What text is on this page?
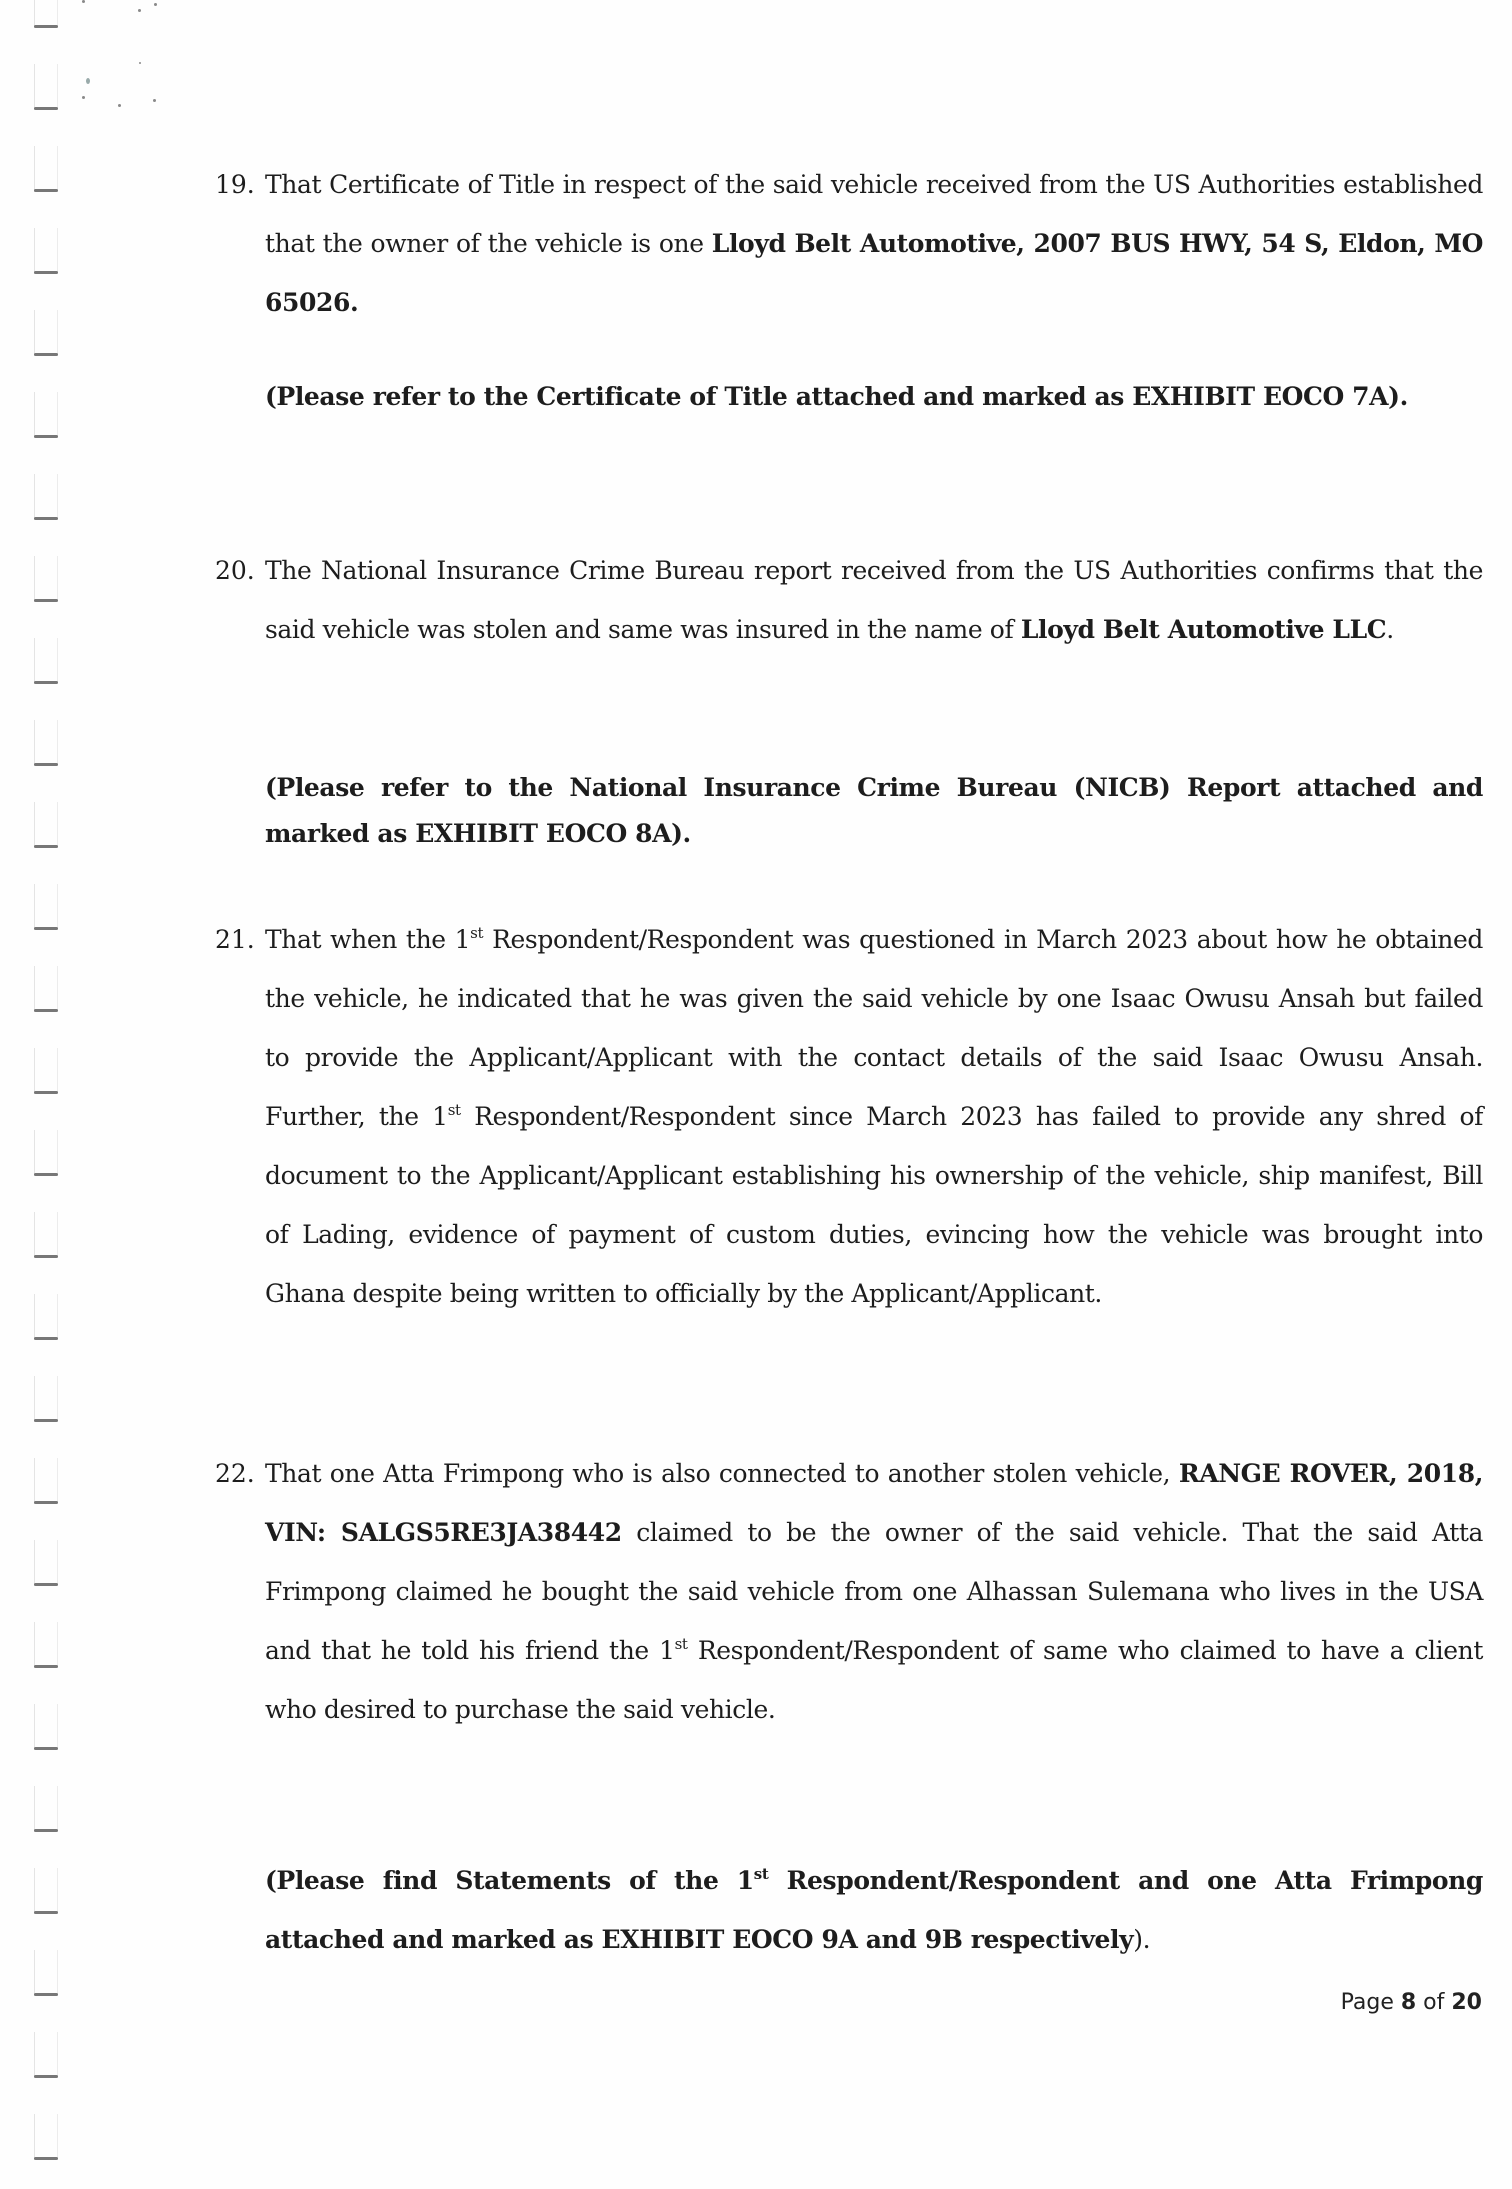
19. That Certificate of Title in respect of the said vehicle received from the US Authorities established that the owner of the vehicle is one Lloyd Belt Automotive, 2007 BUS HWY, 54 S, Eldon, MO 65026.
(Please refer to the Certificate of Title attached and marked as EXHIBIT EOCO 7A).
20. The National Insurance Crime Bureau report received from the US Authorities confirms that the said vehicle was stolen and same was insured in the name of Lloyd Belt Automotive LLC.
(Please refer to the National Insurance Crime Bureau (NICB) Report attached and marked as EXHIBIT EOCO 8A).
21. That when the 1st Respondent/Respondent was questioned in March 2023 about how he obtained the vehicle, he indicated that he was given the said vehicle by one Isaac Owusu Ansah but failed to provide the Applicant/Applicant with the contact details of the said Isaac Owusu Ansah. Further, the 1st Respondent/Respondent since March 2023 has failed to provide any shred of document to the Applicant/Applicant establishing his ownership of the vehicle, ship manifest, Bill of Lading, evidence of payment of custom duties, evincing how the vehicle was brought into Ghana despite being written to officially by the Applicant/Applicant.
22. That one Atta Frimpong who is also connected to another stolen vehicle, RANGE ROVER, 2018, VIN: SALGS5RE3JA38442 claimed to be the owner of the said vehicle. That the said Atta Frimpong claimed he bought the said vehicle from one Alhassan Sulemana who lives in the USA and that he told his friend the 1st Respondent/Respondent of same who claimed to have a client who desired to purchase the said vehicle.
(Please find Statements of the 1st Respondent/Respondent and one Atta Frimpong attached and marked as EXHIBIT EOCO 9A and 9B respectively).
Page 8 of 20
